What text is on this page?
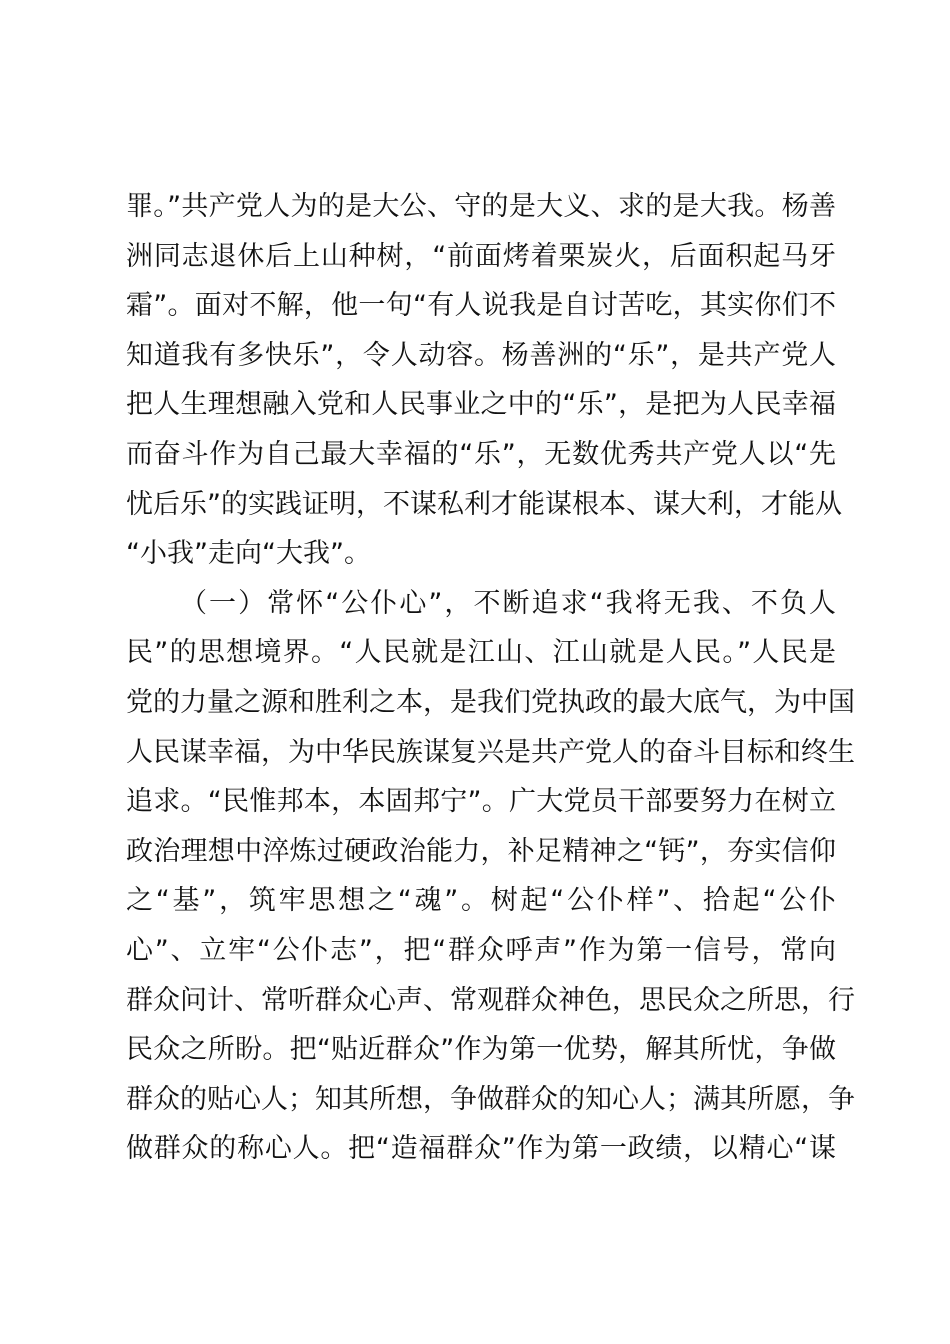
罪。”共产党人为的是大公、守的是大义、求的是大我。杨善
洲同志退休后上山种树，“前面烤着栗炭火，后面积起马牙
霜”。面对不解，他一句“有人说我是自讨苦吃，其实你们不
知道我有多快乐”，令人动容。杨善洲的“乐”，是共产党人
把人生理想融入党和人民事业之中的“乐”，是把为人民幸福
而奋斗作为自己最大幸福的“乐”，无数优秀共产党人以“先
忧后乐”的实践证明，不谋私利才能谋根本、谋大利，才能从
“小我”走向“大我”。
（一）常怀“公仆心”，不断追求“我将无我、不负人
民”的思想境界。“人民就是江山、江山就是人民。”人民是
党的力量之源和胜利之本，是我们党执政的最大底气，为中国
人民谋幸福，为中华民族谋复兴是共产党人的奋斗目标和终生
追求。“民惟邦本，本固邦宁”。广大党员干部要努力在树立
政治理想中淬炼过硬政治能力，补足精神之“钙”，夯实信仰
之“基”，筑牢思想之“魂”。树起“公仆样”、拾起“公仆
心”、立牢“公仆志”，把“群众呼声”作为第一信号，常向
群众问计、常听群众心声、常观群众神色，思民众之所思，行
民众之所盼。把“贴近群众”作为第一优势，解其所忧，争做
群众的贴心人；知其所想，争做群众的知心人；满其所愿，争
做群众的称心人。把“造福群众”作为第一政绩，以精心“谋
